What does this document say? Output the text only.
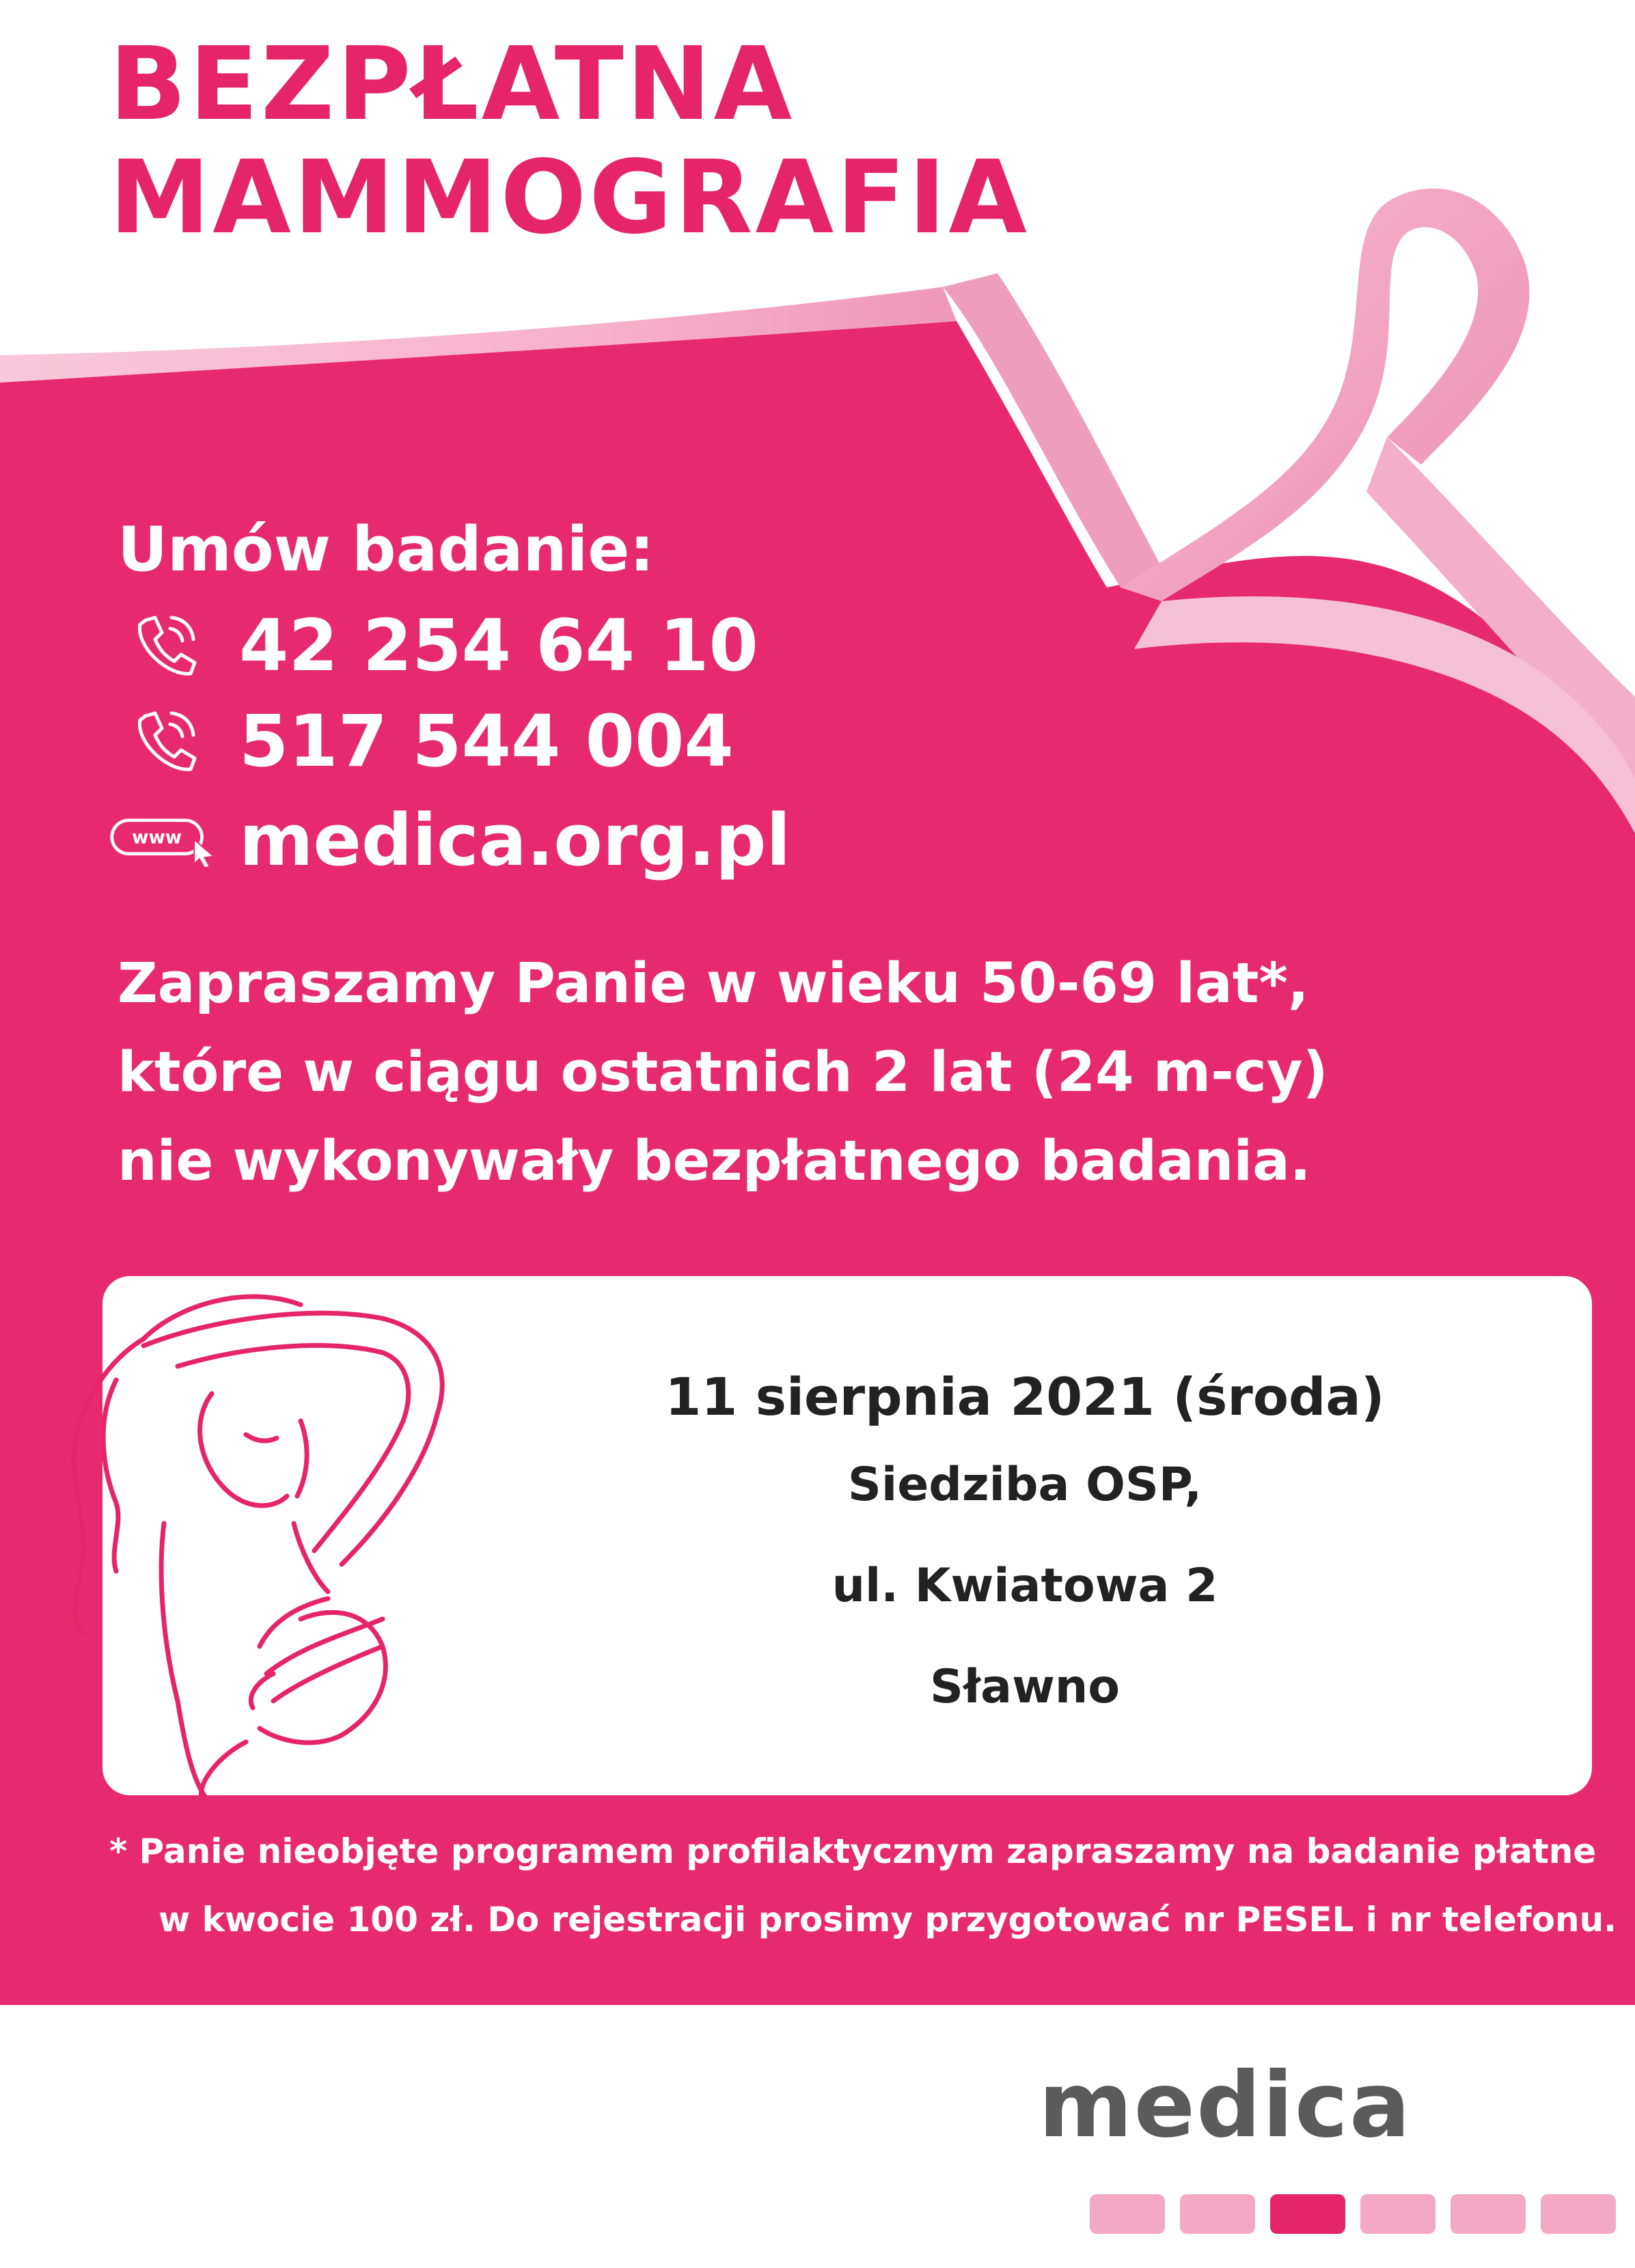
BEZPŁATNA
MAMMOGRAFIA
Umów badanie:
42 254 64 10
517 544 004
www medica.org.pl

Zapraszamy Panie w wieku 50-69 lat*,
które w ciągu ostatnich 2 lat (24 m-cy)
nie wykonywały bezpłatnego badania.

11 sierpnia 2021 (środa)
Siedziba OSP,
ul. Kwiatowa 2
Sławno

* Panie nieobjęte programem profilaktycznym zapraszamy na badanie płatne
w kwocie 100 zł. Do rejestracji prosimy przygotować nr PESEL i nr telefonu.

medica
